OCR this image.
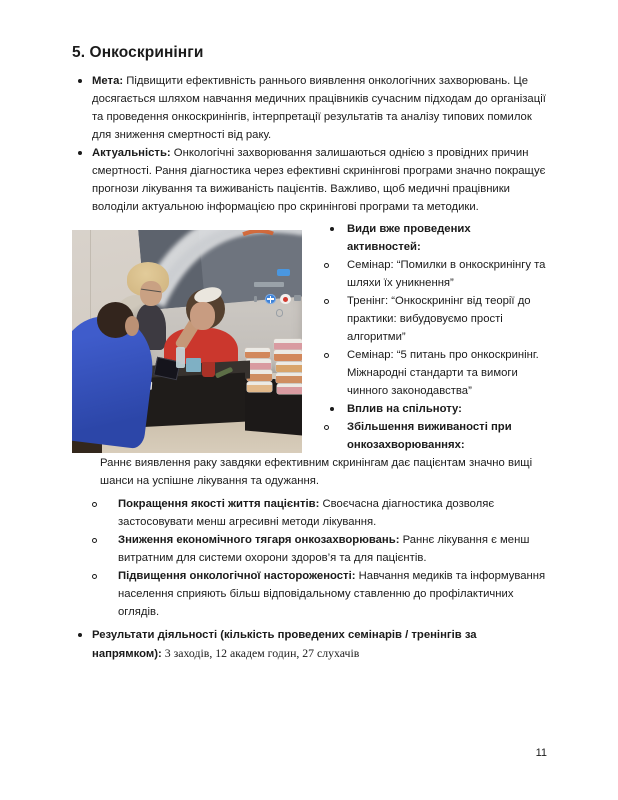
5. Онкоскринінги
Мета: Підвищити ефективність раннього виявлення онкологічних захворювань. Це досягається шляхом навчання медичних працівників сучасним підходам до організації та проведення онкоскринінгів, інтерпретації результатів та аналізу типових помилок для зниження смертності від раку.
Актуальність: Онкологічні захворювання залишаються однією з провідних причин смертності. Рання діагностика через ефективні скринінгові програми значно покращує прогнози лікування та виживаність пацієнтів. Важливо, щоб медичні працівники володіли актуальною інформацією про скринінгові програми та методики.
Види вже проведених активностей:
Семінар: “Помилки в онкоскринінгу та шляхи їх уникнення”
Тренінг: “Онкоскринінг від теорії до практики: вибудовуємо прості алгоритми”
Семінар: “5 питань про онкоскринінг. Міжнародні стандарти та вимоги чинного законодавства”
Вплив на спільноту:
Збільшення виживаності при онкозахворюваннях:

Раннє виявлення раку завдяки ефективним скринінгам дає пацієнтам значно вищі шанси на успішне лікування та одужання.

Покращення якості життя пацієнтів: Своєчасна діагностика дозволяє застосовувати менш агресивні методи лікування.
Зниження економічного тягаря онкозахворювань: Раннє лікування є менш витратним для системи охорони здоров’я та для пацієнтів.
Підвищення онкологічної настороженості: Навчання медиків та інформування населення сприяють більш відповідальному ставленню до профілактичних оглядів.
Результати діяльності (кількість проведених семінарів / тренінгів за напрямком): 3 заходів, 12 академ годин, 27 слухачів
11
